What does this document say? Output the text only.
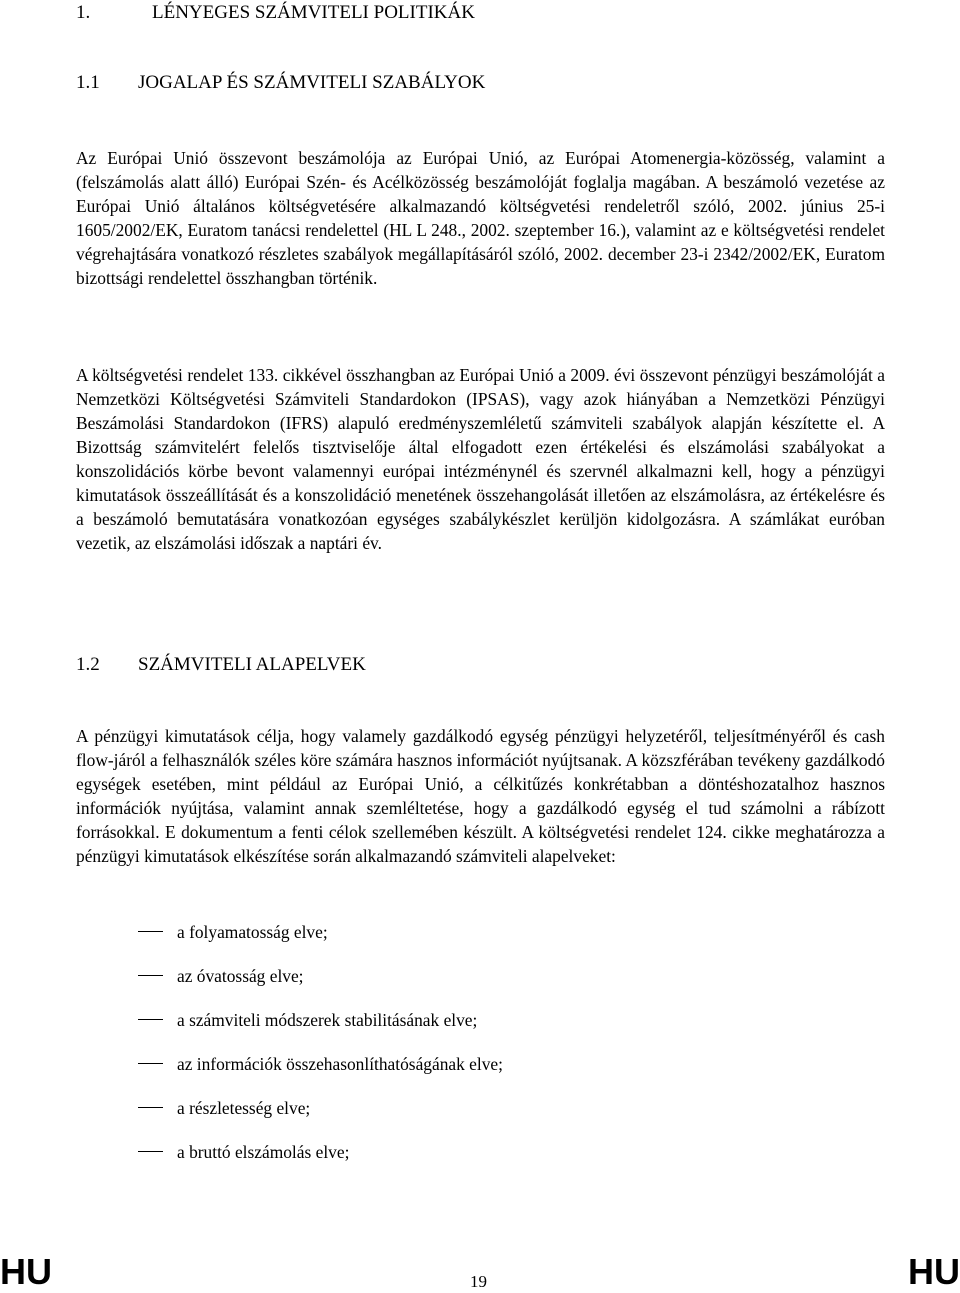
1.	LÉNYEGES SZÁMVITELI POLITIKÁK
1.1 JOGALAP ÉS SZÁMVITELI SZABÁLYOK

Az Európai Unió összevont beszámolója az Európai Unió, az Európai Atomenergia-közösség, valamint a (felszámolás alatt álló) Európai Szén- és Acélközösség beszámolóját foglalja magában. A beszámoló vezetése az Európai Unió általános költségvetésére alkalmazandó költségvetési rendeletről szóló, 2002. június 25-i 1605/2002/EK, Euratom tanácsi rendelettel (HL L 248., 2002. szeptember 16.), valamint az e költségvetési rendelet végrehajtására vonatkozó részletes szabályok megállapításáról szóló, 2002. december 23-i 2342/2002/EK, Euratom bizottsági rendelettel összhangban történik.

A költségvetési rendelet 133. cikkével összhangban az Európai Unió a 2009. évi összevont pénzügyi beszámolóját a Nemzetközi Költségvetési Számviteli Standardokon (IPSAS), vagy azok hiányában a Nemzetközi Pénzügyi Beszámolási Standardokon (IFRS) alapuló eredményszemléletű számviteli szabályok alapján készítette el. A Bizottság számvitelért felelős tisztviselője által elfogadott ezen értékelési és elszámolási szabályokat a konszolidációs körbe bevont valamennyi európai intézménynél és szervnél alkalmazni kell, hogy a pénzügyi kimutatások összeállítását és a konszolidáció menetének összehangolását illetően az elszámolásra, az értékelésre és a beszámoló bemutatására vonatkozóan egységes szabálykészlet kerüljön kidolgozásra. A számlákat euróban vezetik, az elszámolási időszak a naptári év.

1.2 SZÁMVITELI ALAPELVEK

A pénzügyi kimutatások célja, hogy valamely gazdálkodó egység pénzügyi helyzetéről, teljesítményéről és cash flow-járól a felhasználók széles köre számára hasznos információt nyújtsanak. A közszférában tevékeny gazdálkodó egységek esetében, mint például az Európai Unió, a célkitűzés konkrétabban a döntéshozatalhoz hasznos információk nyújtása, valamint annak szemléltetése, hogy a gazdálkodó egység el tud számolni a rábízott forrásokkal. E dokumentum a fenti célok szellemében készült. A költségvetési rendelet 124. cikke meghatározza a pénzügyi kimutatások elkészítése során alkalmazandó számviteli alapelveket:

a folyamatosság elve;
az óvatosság elve;
a számviteli módszerek stabilitásának elve;
az információk összehasonlíthatóságának elve;
a részletesség elve;
a bruttó elszámolás elve;
HU	19	HU
